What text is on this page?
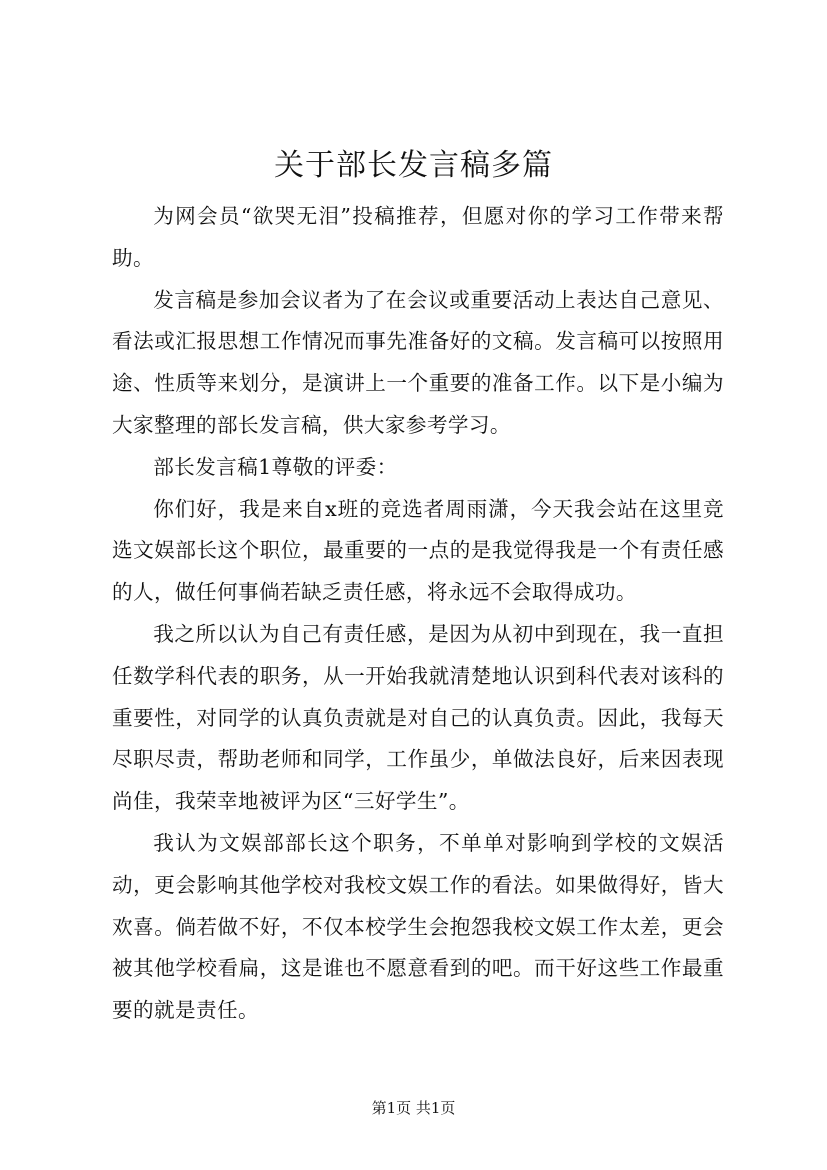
关于部长发言稿多篇

为网会员“欲哭无泪”投稿推荐，但愿对你的学习工作带来帮助。

发言稿是参加会议者为了在会议或重要活动上表达自己意见、看法或汇报思想工作情况而事先准备好的文稿。发言稿可以按照用途、性质等来划分，是演讲上一个重要的准备工作。以下是小编为大家整理的部长发言稿，供大家参考学习。

部长发言稿1尊敬的评委：

你们好，我是来自x班的竞选者周雨潇，今天我会站在这里竞选文娱部长这个职位，最重要的一点的是我觉得我是一个有责任感的人，做任何事倘若缺乏责任感，将永远不会取得成功。

我之所以认为自己有责任感，是因为从初中到现在，我一直担任数学科代表的职务，从一开始我就清楚地认识到科代表对该科的重要性，对同学的认真负责就是对自己的认真负责。因此，我每天尽职尽责，帮助老师和同学，工作虽少，单做法良好，后来因表现尚佳，我荣幸地被评为区“三好学生”。

我认为文娱部部长这个职务，不单单对影响到学校的文娱活动，更会影响其他学校对我校文娱工作的看法。如果做得好，皆大欢喜。倘若做不好，不仅本校学生会抱怨我校文娱工作太差，更会被其他学校看扁，这是谁也不愿意看到的吧。而干好这些工作最重要的就是责任。

第1页 共1页
